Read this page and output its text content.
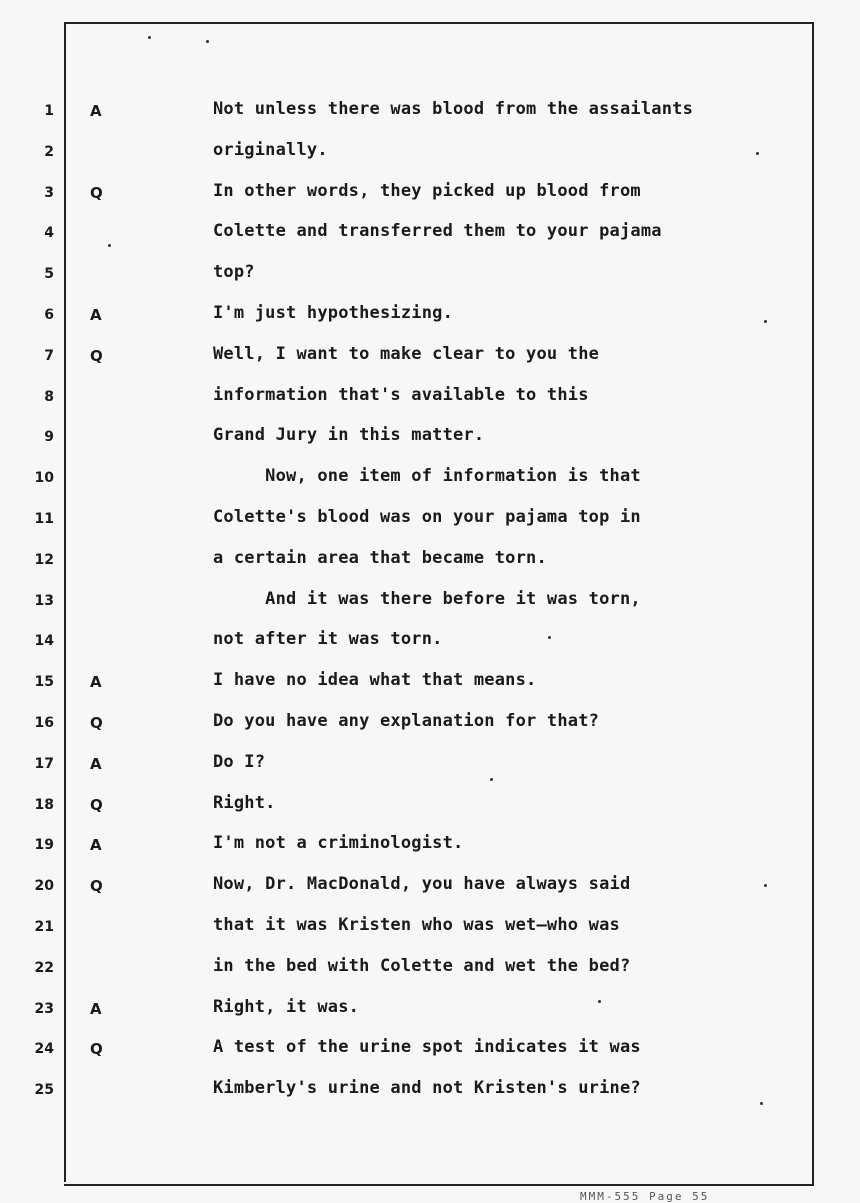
1 A	Not unless there was blood from the assailants
2	originally.
3 Q	In other words, they picked up blood from
4	Colette and transferred them to your pajama
5	top?
6 A	I'm just hypothesizing.
7 Q	Well, I want to make clear to you the
8	information that's available to this
9	Grand Jury in this matter.
10	Now, one item of information is that
11	Colette's blood was on your pajama top in
12	a certain area that became torn.
13	And it was there before it was torn,
14	not after it was torn.
15 A	I have no idea what that means.
16 Q	Do you have any explanation for that?
17 A	Do I?
18 Q	Right.
19 A	I'm not a criminologist.
20 Q	Now, Dr. MacDonald, you have always said
21	that it was Kristen who was wet—who was
22	in the bed with Colette and wet the bed?
23 A	Right, it was.
24 Q	A test of the urine spot indicates it was
25	Kimberly's urine and not Kristen's urine?
MMM-555 Page 55
